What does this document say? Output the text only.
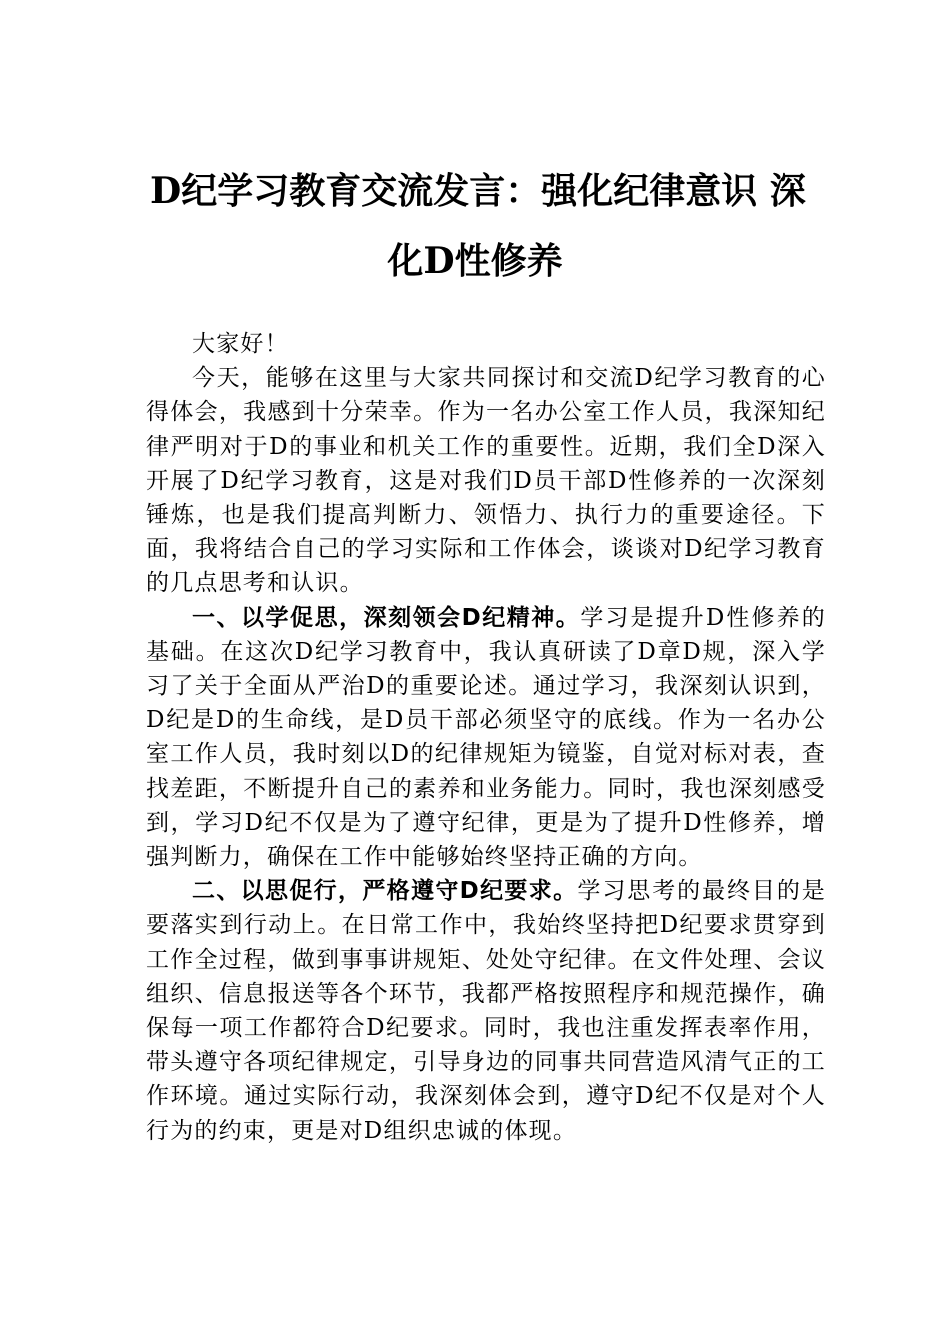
D纪学习教育交流发言：强化纪律意识 深
化D性修养

大家好！

今天，能够在这里与大家共同探讨和交流D纪学习教育的心得体会，我感到十分荣幸。作为一名办公室工作人员，我深知纪律严明对于D的事业和机关工作的重要性。近期，我们全D深入开展了D纪学习教育，这是对我们D员干部D性修养的一次深刻锤炼，也是我们提高判断力、领悟力、执行力的重要途径。下面，我将结合自己的学习实际和工作体会，谈谈对D纪学习教育的几点思考和认识。

一、以学促思，深刻领会D纪精神。学习是提升D性修养的基础。在这次D纪学习教育中，我认真研读了D章D规，深入学习了关于全面从严治D的重要论述。通过学习，我深刻认识到，D纪是D的生命线，是D员干部必须坚守的底线。作为一名办公室工作人员，我时刻以D的纪律规矩为镜鉴，自觉对标对表，查找差距，不断提升自己的素养和业务能力。同时，我也深刻感受到，学习D纪不仅是为了遵守纪律，更是为了提升D性修养，增强判断力，确保在工作中能够始终坚持正确的方向。

二、以思促行，严格遵守D纪要求。学习思考的最终目的是要落实到行动上。在日常工作中，我始终坚持把D纪要求贯穿到工作全过程，做到事事讲规矩、处处守纪律。在文件处理、会议组织、信息报送等各个环节，我都严格按照程序和规范操作，确保每一项工作都符合D纪要求。同时，我也注重发挥表率作用，带头遵守各项纪律规定，引导身边的同事共同营造风清气正的工作环境。通过实际行动，我深刻体会到，遵守D纪不仅是对个人行为的约束，更是对D组织忠诚的体现。
